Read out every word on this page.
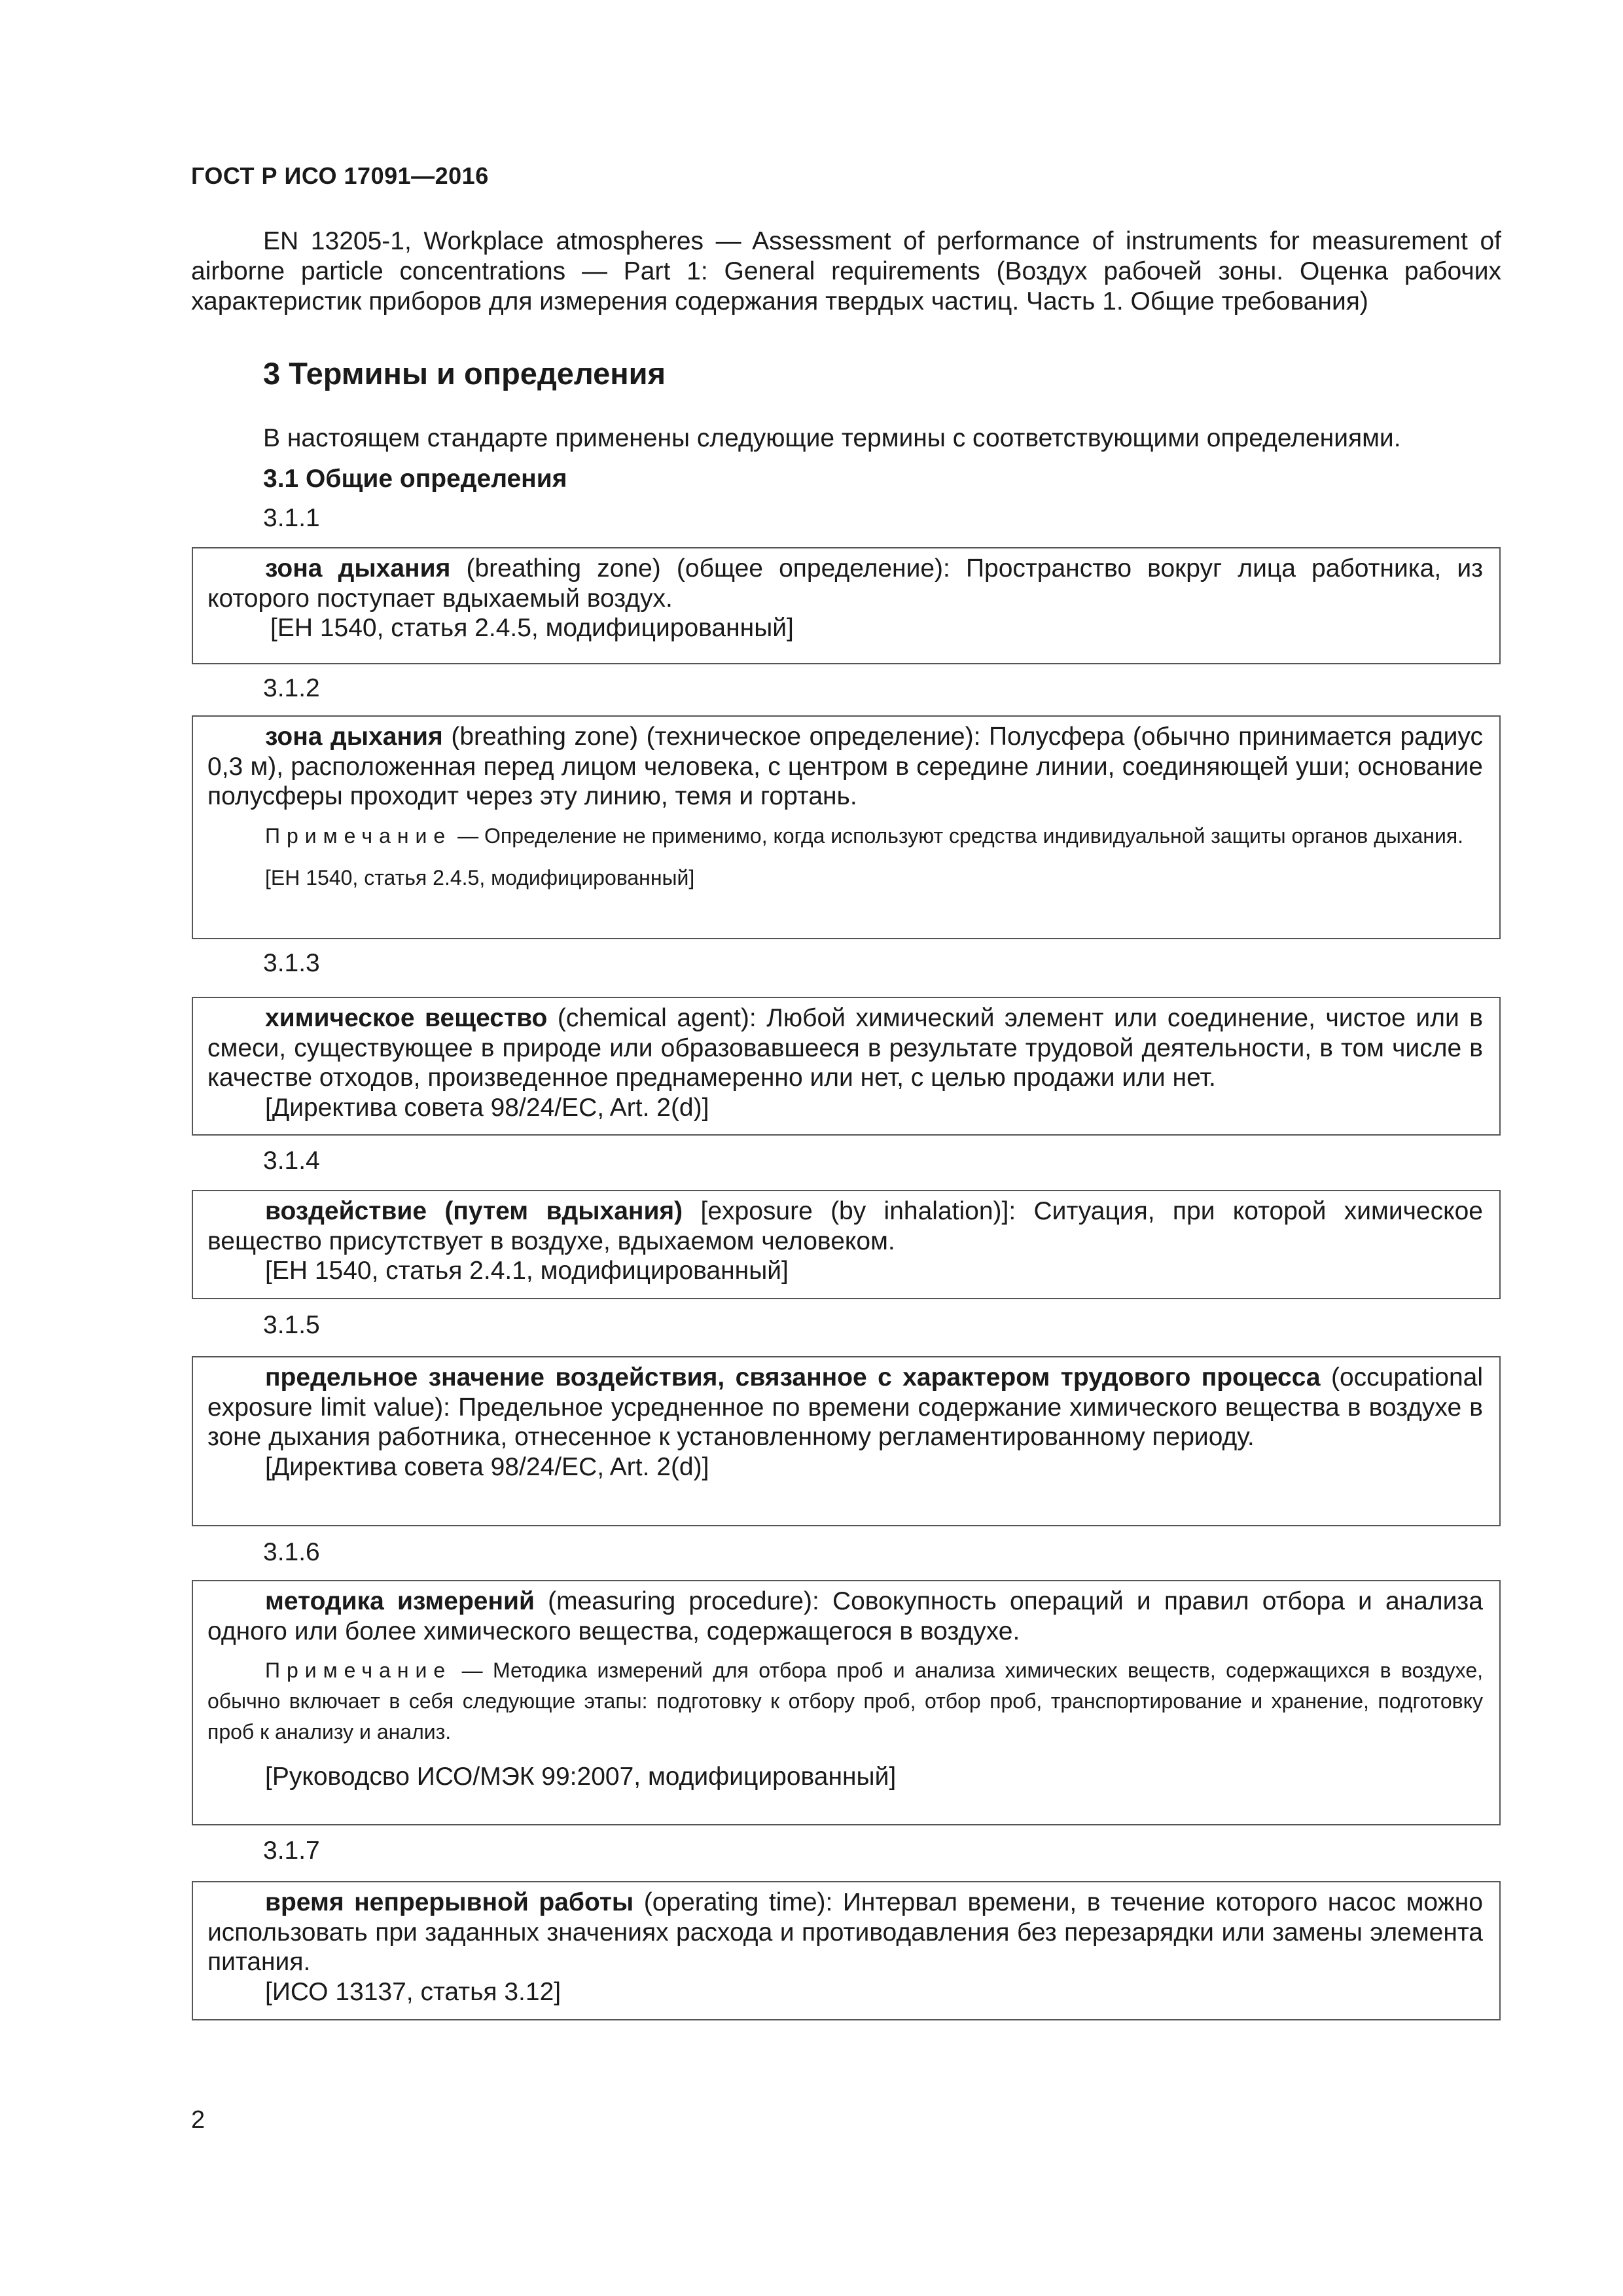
ГОСТ Р ИСО 17091—2016

EN 13205-1, Workplace atmospheres — Assessment of performance of instruments for measurement of airborne particle concentrations — Part 1: General requirements (Воздух рабочей зоны. Оценка рабочих характеристик приборов для измерения содержания твердых частиц. Часть 1. Общие требования)

3 Термины и определения
В настоящем стандарте применены следующие термины с соответствующими определениями.
3.1 Общие определения
3.1.1

зона дыхания (breathing zone) (общее определение): Пространство вокруг лица работника, из которого поступает вдыхаемый воздух.

[ЕН 1540, статья 2.4.5, модифицированный]

3.1.2

зона дыхания (breathing zone) (техническое определение): Полусфера (обычно принимается радиус 0,3 м), расположенная перед лицом человека, с центром в середине линии, соединяющей уши; основание полусферы проходит через эту линию, темя и гортань.

Примечание — Определение не применимо, когда используют средства индивидуальной защиты органов дыхания.

[ЕН 1540, статья 2.4.5, модифицированный]

3.1.3

химическое вещество (chemical agent): Любой химический элемент или соединение, чистое или в смеси, существующее в природе или образовавшееся в результате трудовой деятельности, в том числе в качестве отходов, произведенное преднамеренно или нет, с целью продажи или нет.

[Директива совета 98/24/EC, Art. 2(d)]

3.1.4

воздействие (путем вдыхания) [exposure (by inhalation)]: Ситуация, при которой химическое вещество присутствует в воздухе, вдыхаемом человеком.

[ЕН 1540, статья 2.4.1, модифицированный]

3.1.5

предельное значение воздействия, связанное с характером трудового процесса (occupational exposure limit value): Предельное усредненное по времени содержание химического вещества в воздухе в зоне дыхания работника, отнесенное к установленному регламентированному периоду.

[Директива совета 98/24/EC, Art. 2(d)]

3.1.6

методика измерений (measuring procedure): Совокупность операций и правил отбора и анализа одного или более химического вещества, содержащегося в воздухе.

Примечание — Методика измерений для отбора проб и анализа химических веществ, содержащихся в воздухе, обычно включает в себя следующие этапы: подготовку к отбору проб, отбор проб, транспортирование и хранение, подготовку проб к анализу и анализ.

[Руководсво ИСО/МЭК 99:2007, модифицированный]

3.1.7

время непрерывной работы (operating time): Интервал времени, в течение которого насос можно использовать при заданных значениях расхода и противодавления без перезарядки или замены элемента питания.

[ИСО 13137, статья 3.12]

2
